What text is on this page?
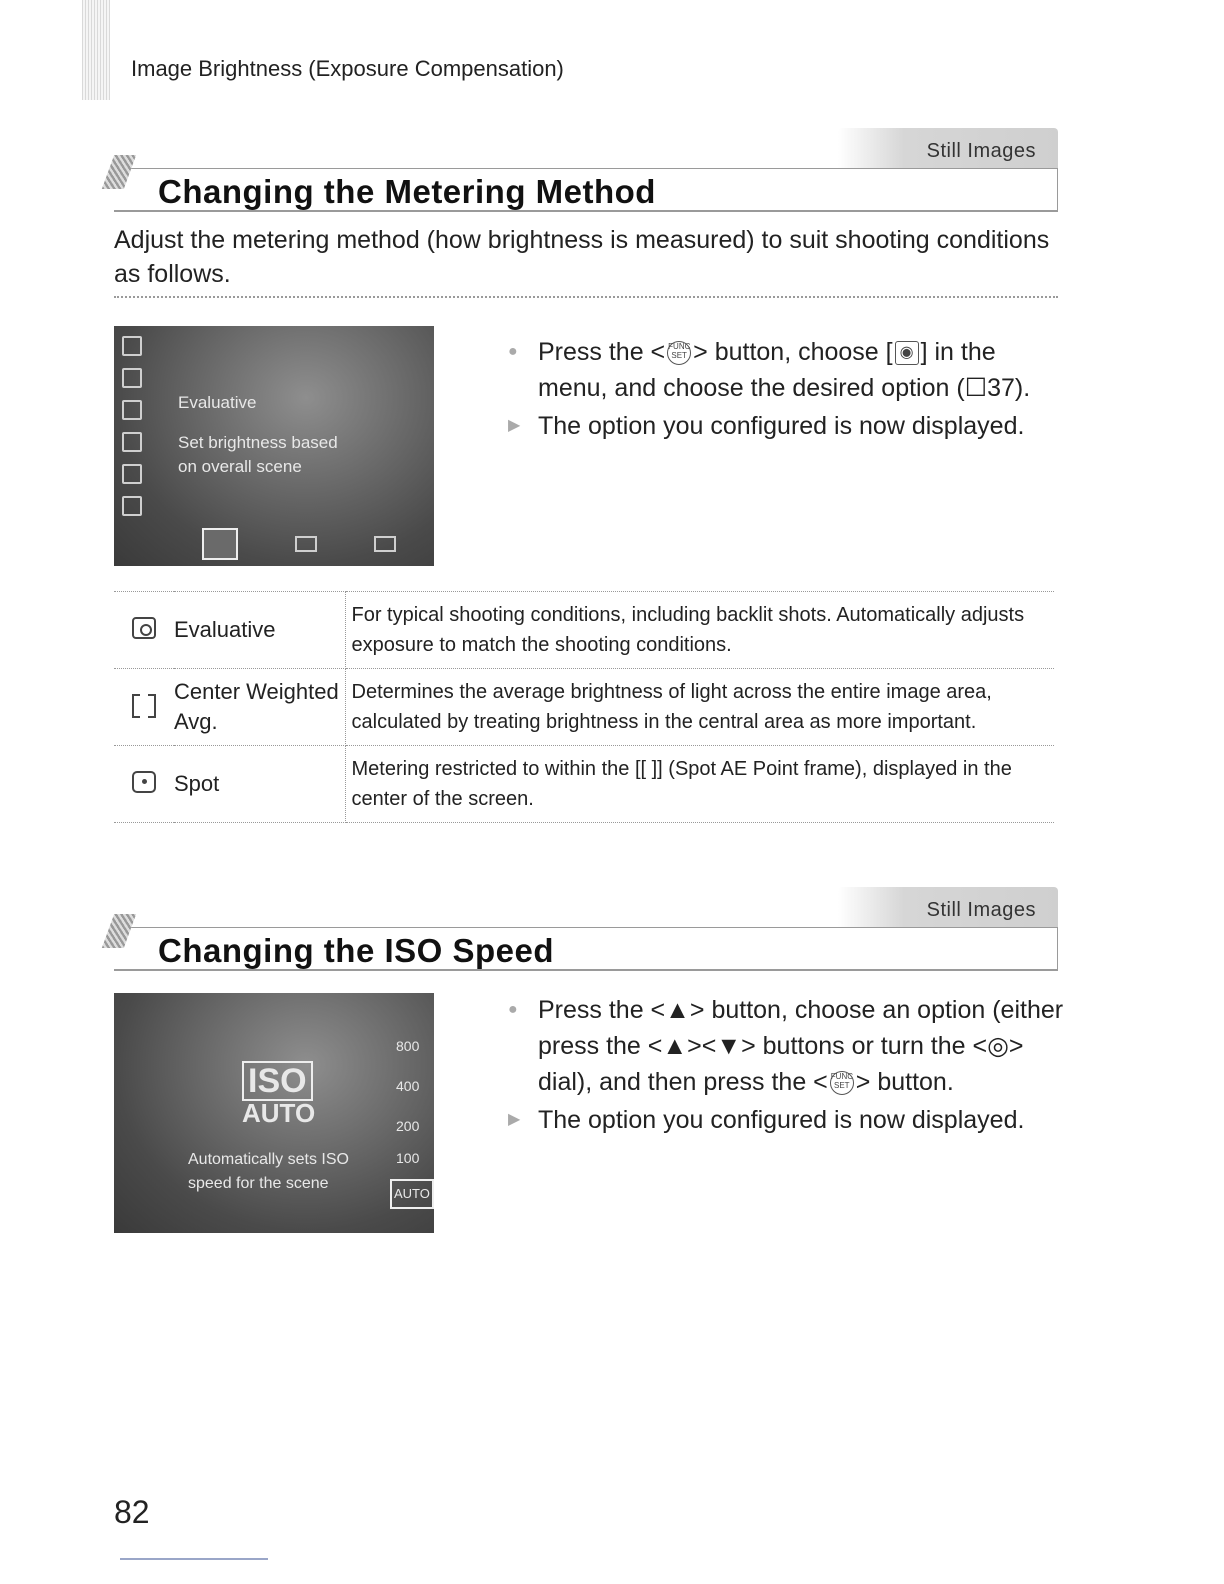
Image Brightness (Exposure Compensation)
Still Images
Changing the Metering Method
Adjust the metering method (how brightness is measured) to suit shooting conditions as follows.
Evaluative
Set brightness based
on overall scene
● Press the < FUNC SET > button, choose [ ◉ ] in the menu, and choose the desired option (☐37).
▶ The option you configured is now displayed.
	Evaluative	For typical shooting conditions, including backlit shots. Automatically adjusts exposure to match the shooting conditions.
	Center Weighted Avg.	Determines the average brightness of light across the entire image area, calculated by treating brightness in the central area as more important.
	Spot	Metering restricted to within the [[ ]] (Spot AE Point frame), displayed in the center of the screen.
Still Images
Changing the ISO Speed
ISO
AUTO
Automatically sets ISO
speed for the scene
800
400
200
100
AUTO
● Press the <▲> button, choose an option (either press the <▲><▼> buttons or turn the <◎> dial), and then press the < FUNC SET > button.
▶ The option you configured is now displayed.
82
